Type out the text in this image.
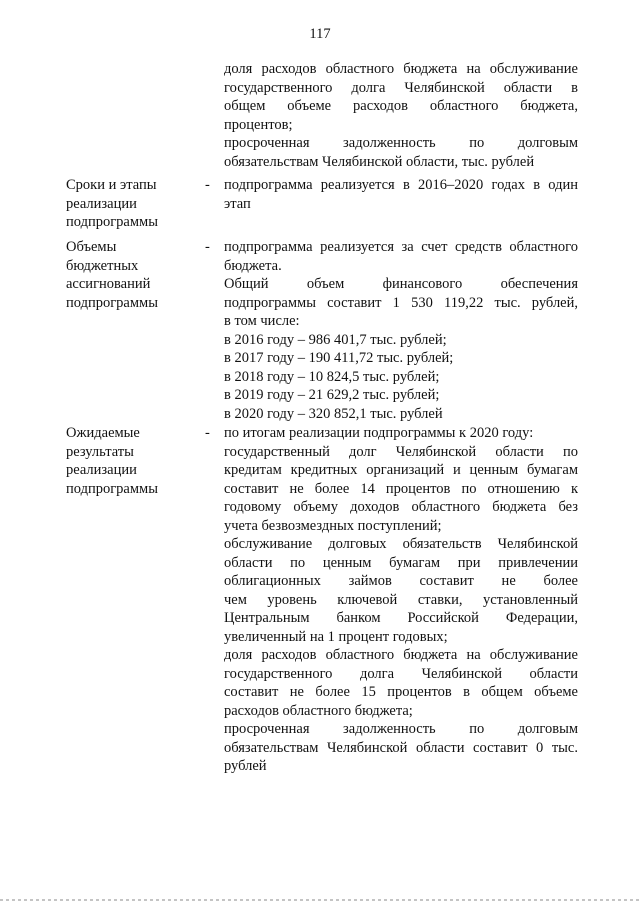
117
доля расходов областного бюджета на обслуживание
государственного долга Челябинской области в
общем объеме расходов областного бюджета,
процентов;
просроченная задолженность по долговым
обязательствам Челябинской области, тыс. рублей
Сроки и этапы
реализации
подпрограммы
- подпрограмма реализуется в 2016–2020 годах в один
этап
Объемы
бюджетных
ассигнований
подпрограммы
- подпрограмма реализуется за счет средств областного
бюджета.
Общий объем финансового обеспечения
подпрограммы составит 1 530 119,22 тыс. рублей,
в том числе:
в 2016 году – 986 401,7 тыс. рублей;
в 2017 году – 190 411,72 тыс. рублей;
в 2018 году – 10 824,5 тыс. рублей;
в 2019 году – 21 629,2 тыс. рублей;
в 2020 году – 320 852,1 тыс. рублей
Ожидаемые
результаты
реализации
подпрограммы
- по итогам реализации подпрограммы к 2020 году:
государственный долг Челябинской области по
кредитам кредитных организаций и ценным бумагам
составит не более 14 процентов по отношению к
годовому объему доходов областного бюджета без
учета безвозмездных поступлений;
обслуживание долговых обязательств Челябинской
области по ценным бумагам при привлечении
облигационных займов составит не более
чем уровень ключевой ставки, установленный
Центральным банком Российской Федерации,
увеличенный на 1 процент годовых;
доля расходов областного бюджета на обслуживание
государственного долга Челябинской области
составит не более 15 процентов в общем объеме
расходов областного бюджета;
просроченная задолженность по долговым
обязательствам Челябинской области составит 0 тыс.
рублей
